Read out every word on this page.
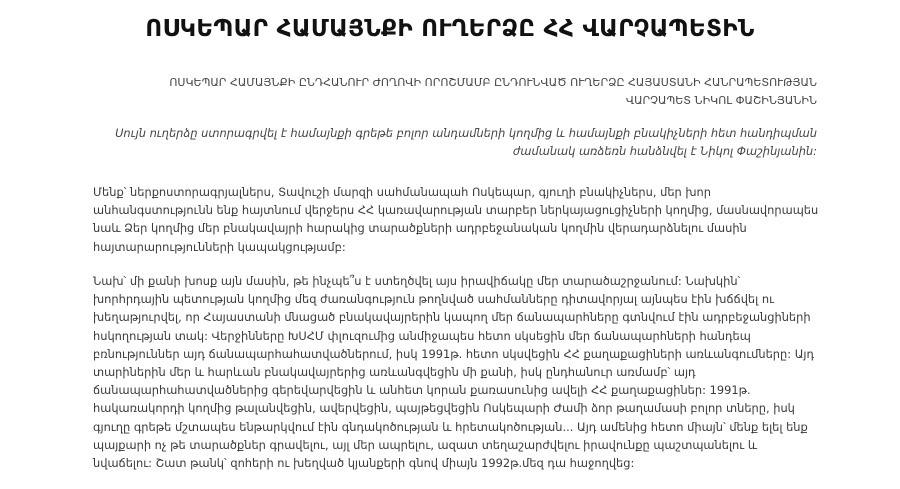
ՈՍԿԵՊԱՐ ՀԱՄԱՅՆՔԻ ՈՒՂԵՐՁԸ ՀՀ ՎԱՐՉԱՊԵՏԻՆ

ՈՍԿԵՊԱՐ ՀԱՄԱՅՆՔԻ ԸՆԴՀԱՆՈՒՐ ԺՈՂՈՎԻ ՈՐՈՇՄԱՄԲ ԸՆԴՈՒՆՎԱԾ ՈՒՂԵՐՁԸ ՀԱՅԱՍՏԱՆԻ ՀԱՆՐԱՊԵՏՈՒԹՅԱՆ ՎԱՐՉԱՊԵՏ ՆԻԿՈԼ ՓԱՇԻՆՅԱՆԻՆ

Սույն ուղերձը ստորագրվել է համայնքի գրեթե բոլոր անդամների կողմից և համայնքի բնակիչների հետ հանդիպման ժամանակ առձեռն հանձնվել է Նիկոլ Փաշինյանին:

Մենք՝ ներքոստորագրյալներս, Տավուշի մարզի սահմանապահ Ոսկեպար, գյուղի բնակիչներս, մեր խոր անհանգստությունն ենք հայտնում վերջերս ՀՀ կառավարության տարբեր ներկայացուցիչների կողմից, մասնավորապես նաև Ձեր կողմից մեր բնակավայրի հարակից տարածքների ադրբեջանական կողմին վերադարձնելու մասին հայտարարությունների կապակցությամբ:

Նախ՝ մի քանի խոսք այն մասին, թե ինչպե՞ս է ստեղծվել այս իրավիճակը մեր տարածաշրջանում: Նախկին՝ խորհրդային պետության կողմից մեզ ժառանգություն թողնված սահմանները դիտավորյալ այնպես էին խճճվել ու խեղաթյուրվել, որ Հայաստանի մնացած բնակավայրերին կապող մեր ճանապարհները գտնվում էին ադրբեջանցիների հսկողության տակ: Վերջինները ԽՍՀՄ փլուզումից անմիջապես հետո սկսեցին մեր ճանապարհների հանդեպ բռնություններ այդ ճանապարհահատվածներում, իսկ 1991թ. հետո սկսվեցին ՀՀ քաղաքացիների առևանգումները: Այդ տարիներին մեր և հարևան բնակավայրերից առևանգվեցին մի քանի, իսկ ընդհանուր առմամբ՝ այդ ճանապարհահատվածներից գերեվարվեցին և անհետ կորան քառասունից ավելի ՀՀ քաղաքացիներ: 1991թ. հակառակորդի կողմից թալանվեցին, ավերվեցին, պայթեցվեցին Ոսկեպարի Ժամի ձոր թաղամասի բոլոր տները, իսկ գյուղը գրեթե մշտապես ենթարկվում էին գնդակոծության և հրետակոծության... Այդ ամենից հետո միայն՝ մենք ելել ենք պայքարի ոչ թե տարածքներ գրավելու, այլ մեր ապրելու, ազատ տեղաշարժվելու իրավունքը պաշտպանելու և նվաճելու: Շատ թանկ՝ զոհերի ու խեղված կյանքերի գնով միայն 1992թ.մեզ դա հաջողվեց:
